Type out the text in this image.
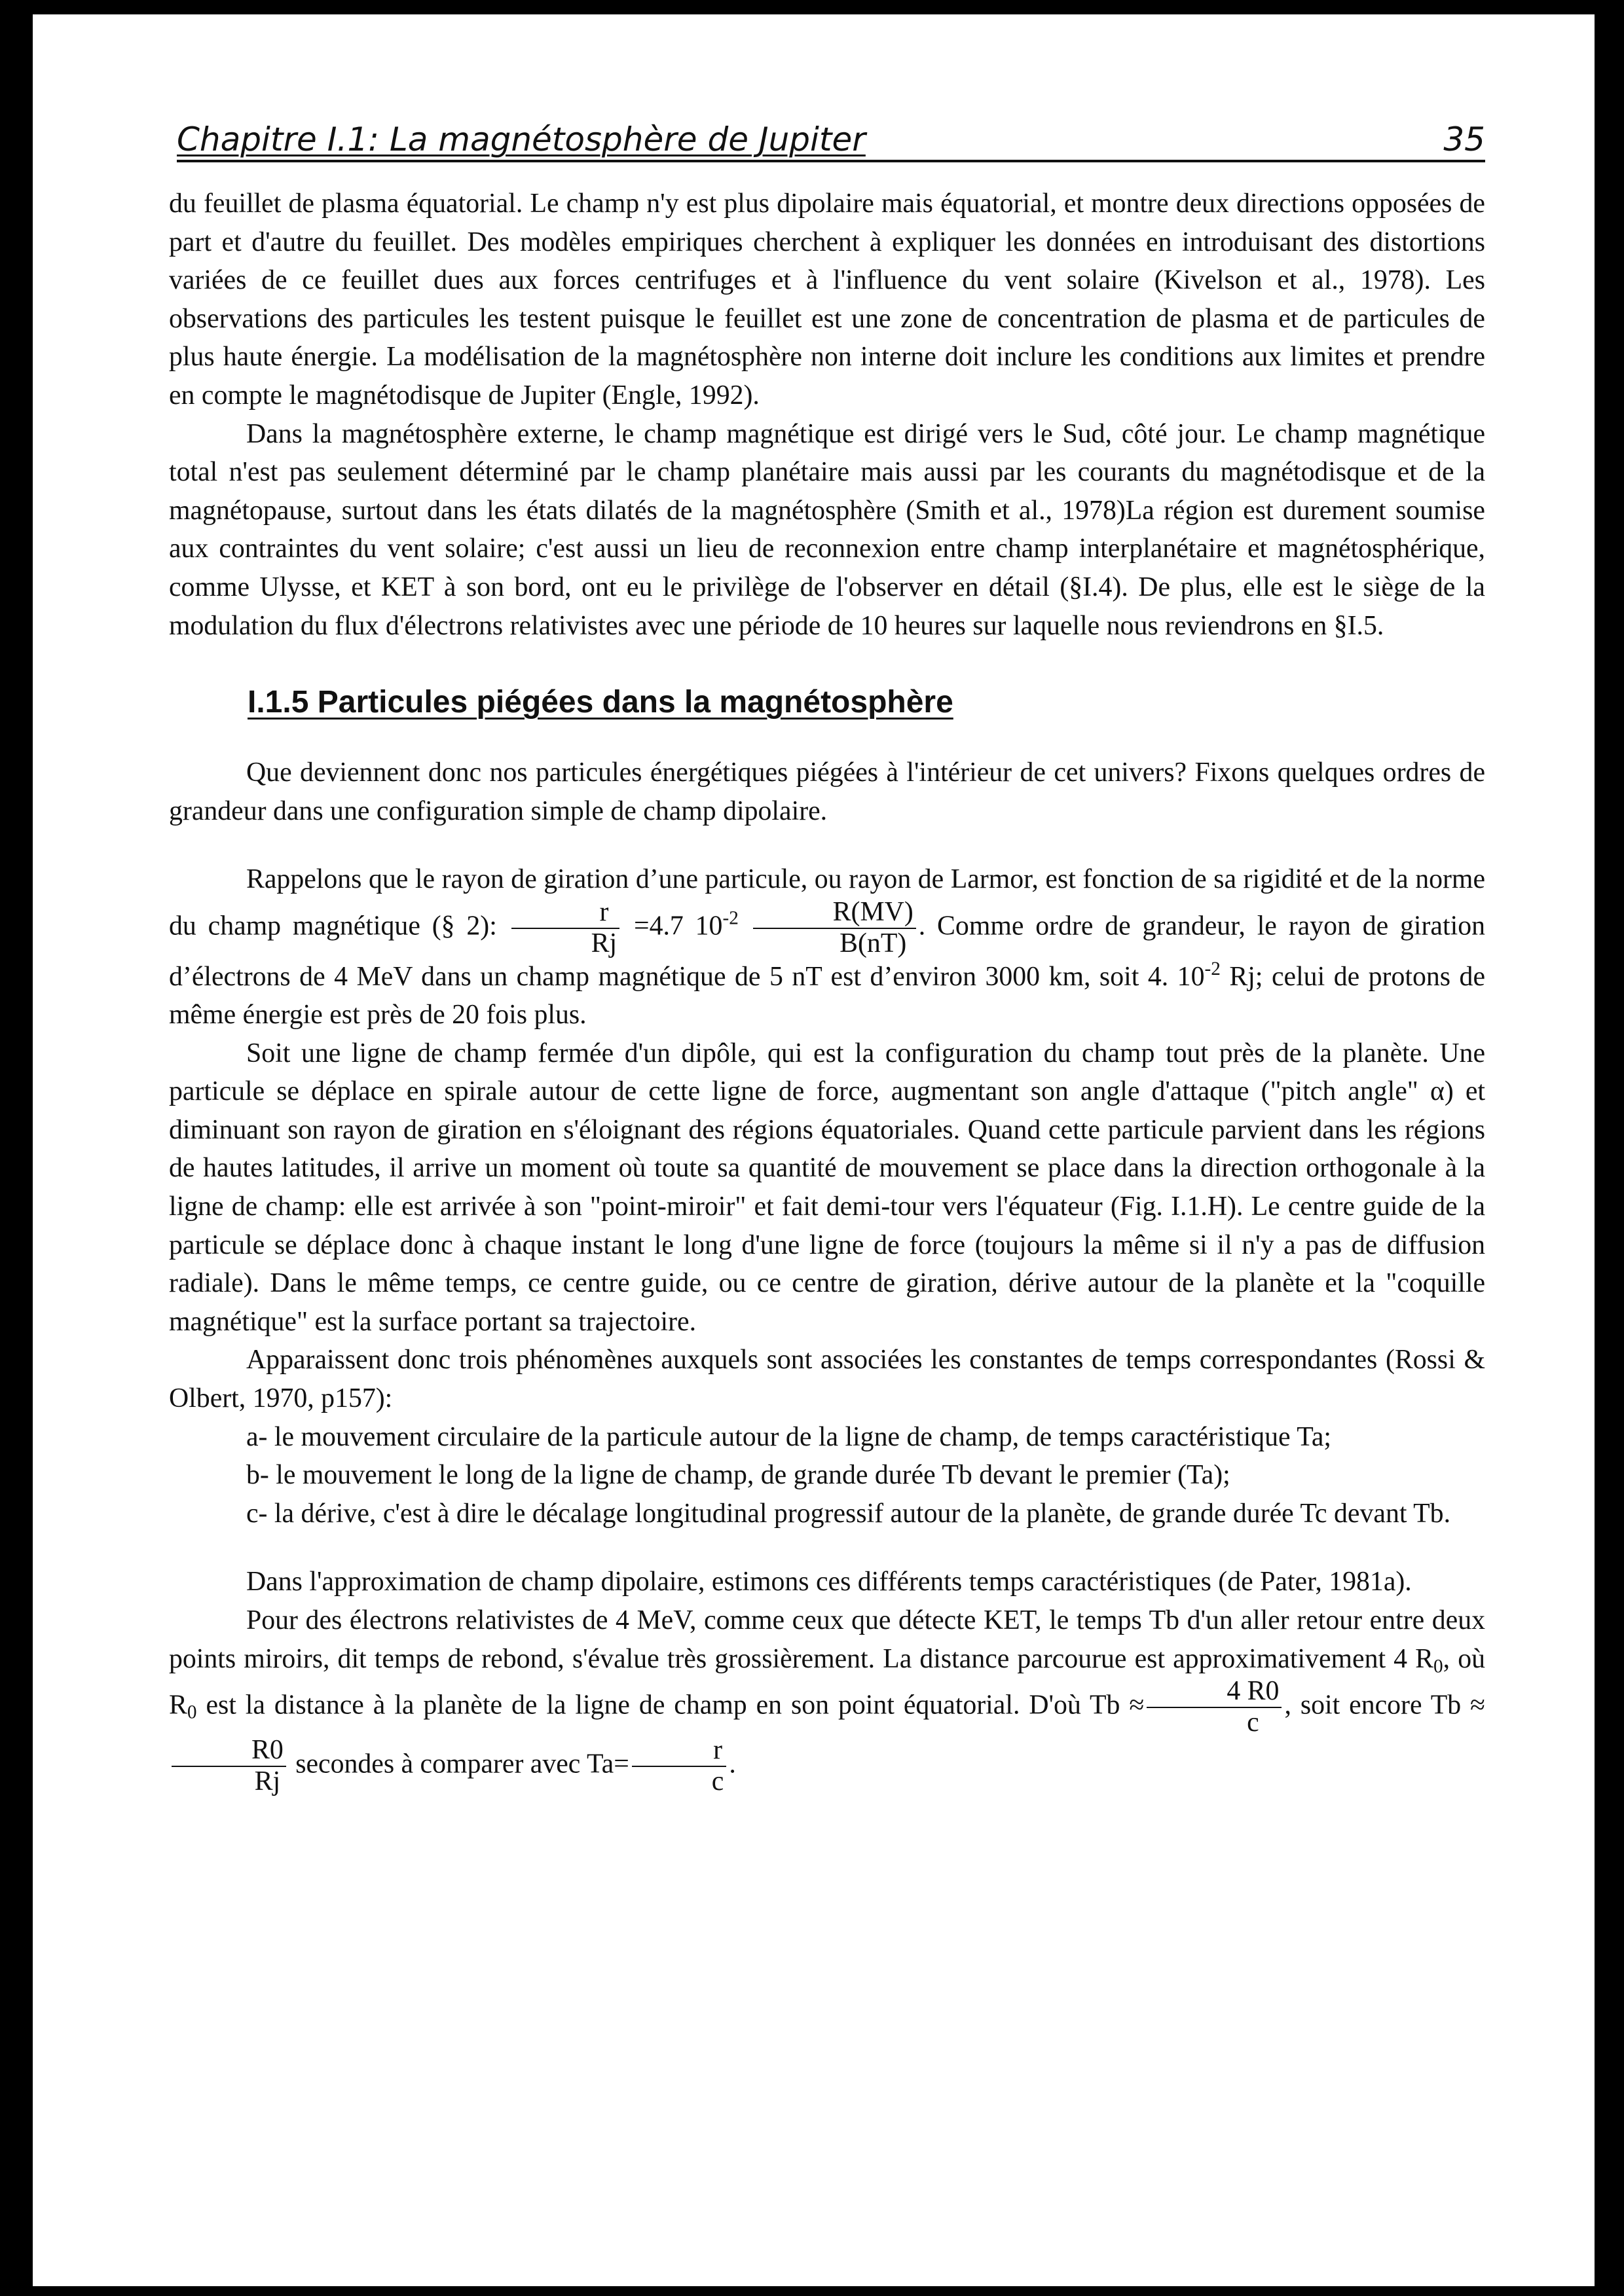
Chapitre I.1: La magnétosphère de Jupiter	35

du feuillet de plasma équatorial. Le champ n'y est plus dipolaire mais équatorial, et montre deux directions opposées de part et d'autre du feuillet. Des modèles empiriques cherchent à expliquer les données en introduisant des distortions variées de ce feuillet dues aux forces centrifuges et à l'influence du vent solaire (Kivelson et al., 1978). Les observations des particules les testent puisque le feuillet est une zone de concentration de plasma et de particules de plus haute énergie. La modélisation de la magnétosphère non interne doit inclure les conditions aux limites et prendre en compte le magnétodisque de Jupiter (Engle, 1992).

Dans la magnétosphère externe, le champ magnétique est dirigé vers le Sud, côté jour. Le champ magnétique total n'est pas seulement déterminé par le champ planétaire mais aussi par les courants du magnétodisque et de la magnétopause, surtout dans les états dilatés de la magnétosphère (Smith et al., 1978)La région est durement soumise aux contraintes du vent solaire; c'est aussi un lieu de reconnexion entre champ interplanétaire et magnétosphérique, comme Ulysse, et KET à son bord, ont eu le privilège de l'observer en détail (§I.4). De plus, elle est le siège de la modulation du flux d'électrons relativistes avec une période de 10 heures sur laquelle nous reviendrons en §I.5.

I.1.5 Particules piégées dans la magnétosphère

Que deviennent donc nos particules énergétiques piégées à l'intérieur de cet univers? Fixons quelques ordres de grandeur dans une configuration simple de champ dipolaire.

Rappelons que le rayon de giration d’une particule, ou rayon de Larmor, est fonction de sa rigidité et de la norme du champ magnétique (§ 2): $\frac{r}{Rj} =4.7$ $10^{-2} \frac{R(MV)}{B(nT)}$ . Comme ordre de grandeur, le rayon de giration d’électrons de 4 MeV dans un champ magnétique de 5 nT est d’environ 3000 km, soit 4. $10^{-2}$ Rj; celui de protons de même énergie est près de 20 fois plus.

Soit une ligne de champ fermée d'un dipôle, qui est la configuration du champ tout près de la planète. Une particule se déplace en spirale autour de cette ligne de force, augmentant son angle d'attaque ("pitch angle" α) et diminuant son rayon de giration en s'éloignant des régions équatoriales. Quand cette particule parvient dans les régions de hautes latitudes, il arrive un moment où toute sa quantité de mouvement se place dans la direction orthogonale à la ligne de champ: elle est arrivée à son "point-miroir" et fait demi-tour vers l'équateur (Fig. I.1.H). Le centre guide de la particule se déplace donc à chaque instant le long d'une ligne de force (toujours la même si il n'y a pas de diffusion radiale). Dans le même temps, ce centre guide, ou ce centre de giration, dérive autour de la planète et la "coquille magnétique" est la surface portant sa trajectoire.

Apparaissent donc trois phénomènes auxquels sont associées les constantes de temps correspondantes (Rossi & Olbert, 1970, p157):

a- le mouvement circulaire de la particule autour de la ligne de champ, de temps caractéristique Ta;

b- le mouvement le long de la ligne de champ, de grande durée Tb devant le premier (Ta);

c- la dérive, c'est à dire le décalage longitudinal progressif autour de la planète, de grande durée Tc devant Tb.

Dans l'approximation de champ dipolaire, estimons ces différents temps caractéristiques (de Pater, 1981a).

Pour des électrons relativistes de 4 MeV, comme ceux que détecte KET, le temps Tb d'un aller retour entre deux points miroirs, dit temps de rebond, s'évalue très grossièrement. La distance parcourue est approximativement 4 $R_0$, où $R_0$ est la distance à la planète de la ligne de champ en son point équatorial. D'où $Tb \approx \frac{4 R0}{c}$ , soit encore Tb ≈
$\frac{R0}{Rj}$ secondes à comparer avec $Ta= \frac{r}{c}$ .
